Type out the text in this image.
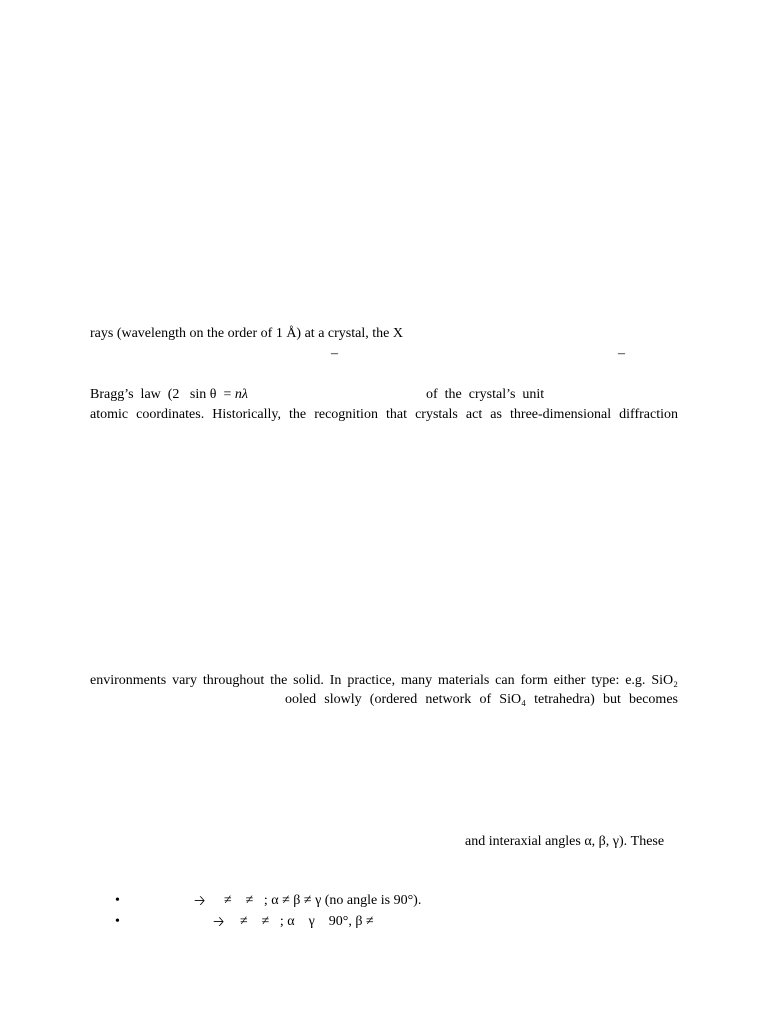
rays (wavelength on the order of 1 Å) at a crystal, the X

–	–

Bragg’s  law  (2   sin θ  = nλ	of  the  crystal’s  unit

atomic coordinates. Historically, the recognition that crystals act as three-dimensional diffraction

environments vary throughout the solid. In practice, many materials can form either type: e.g. SiO₂

ooled slowly (ordered network of SiO₄ tetrahedra) but becomes

and interaxial angles α, β, γ). These

•	🡢 ≠    ≠   ; α ≠ β ≠ γ (no angle is 90°).
•	🡢 ≠    ≠   ; α    γ    90°, β ≠
